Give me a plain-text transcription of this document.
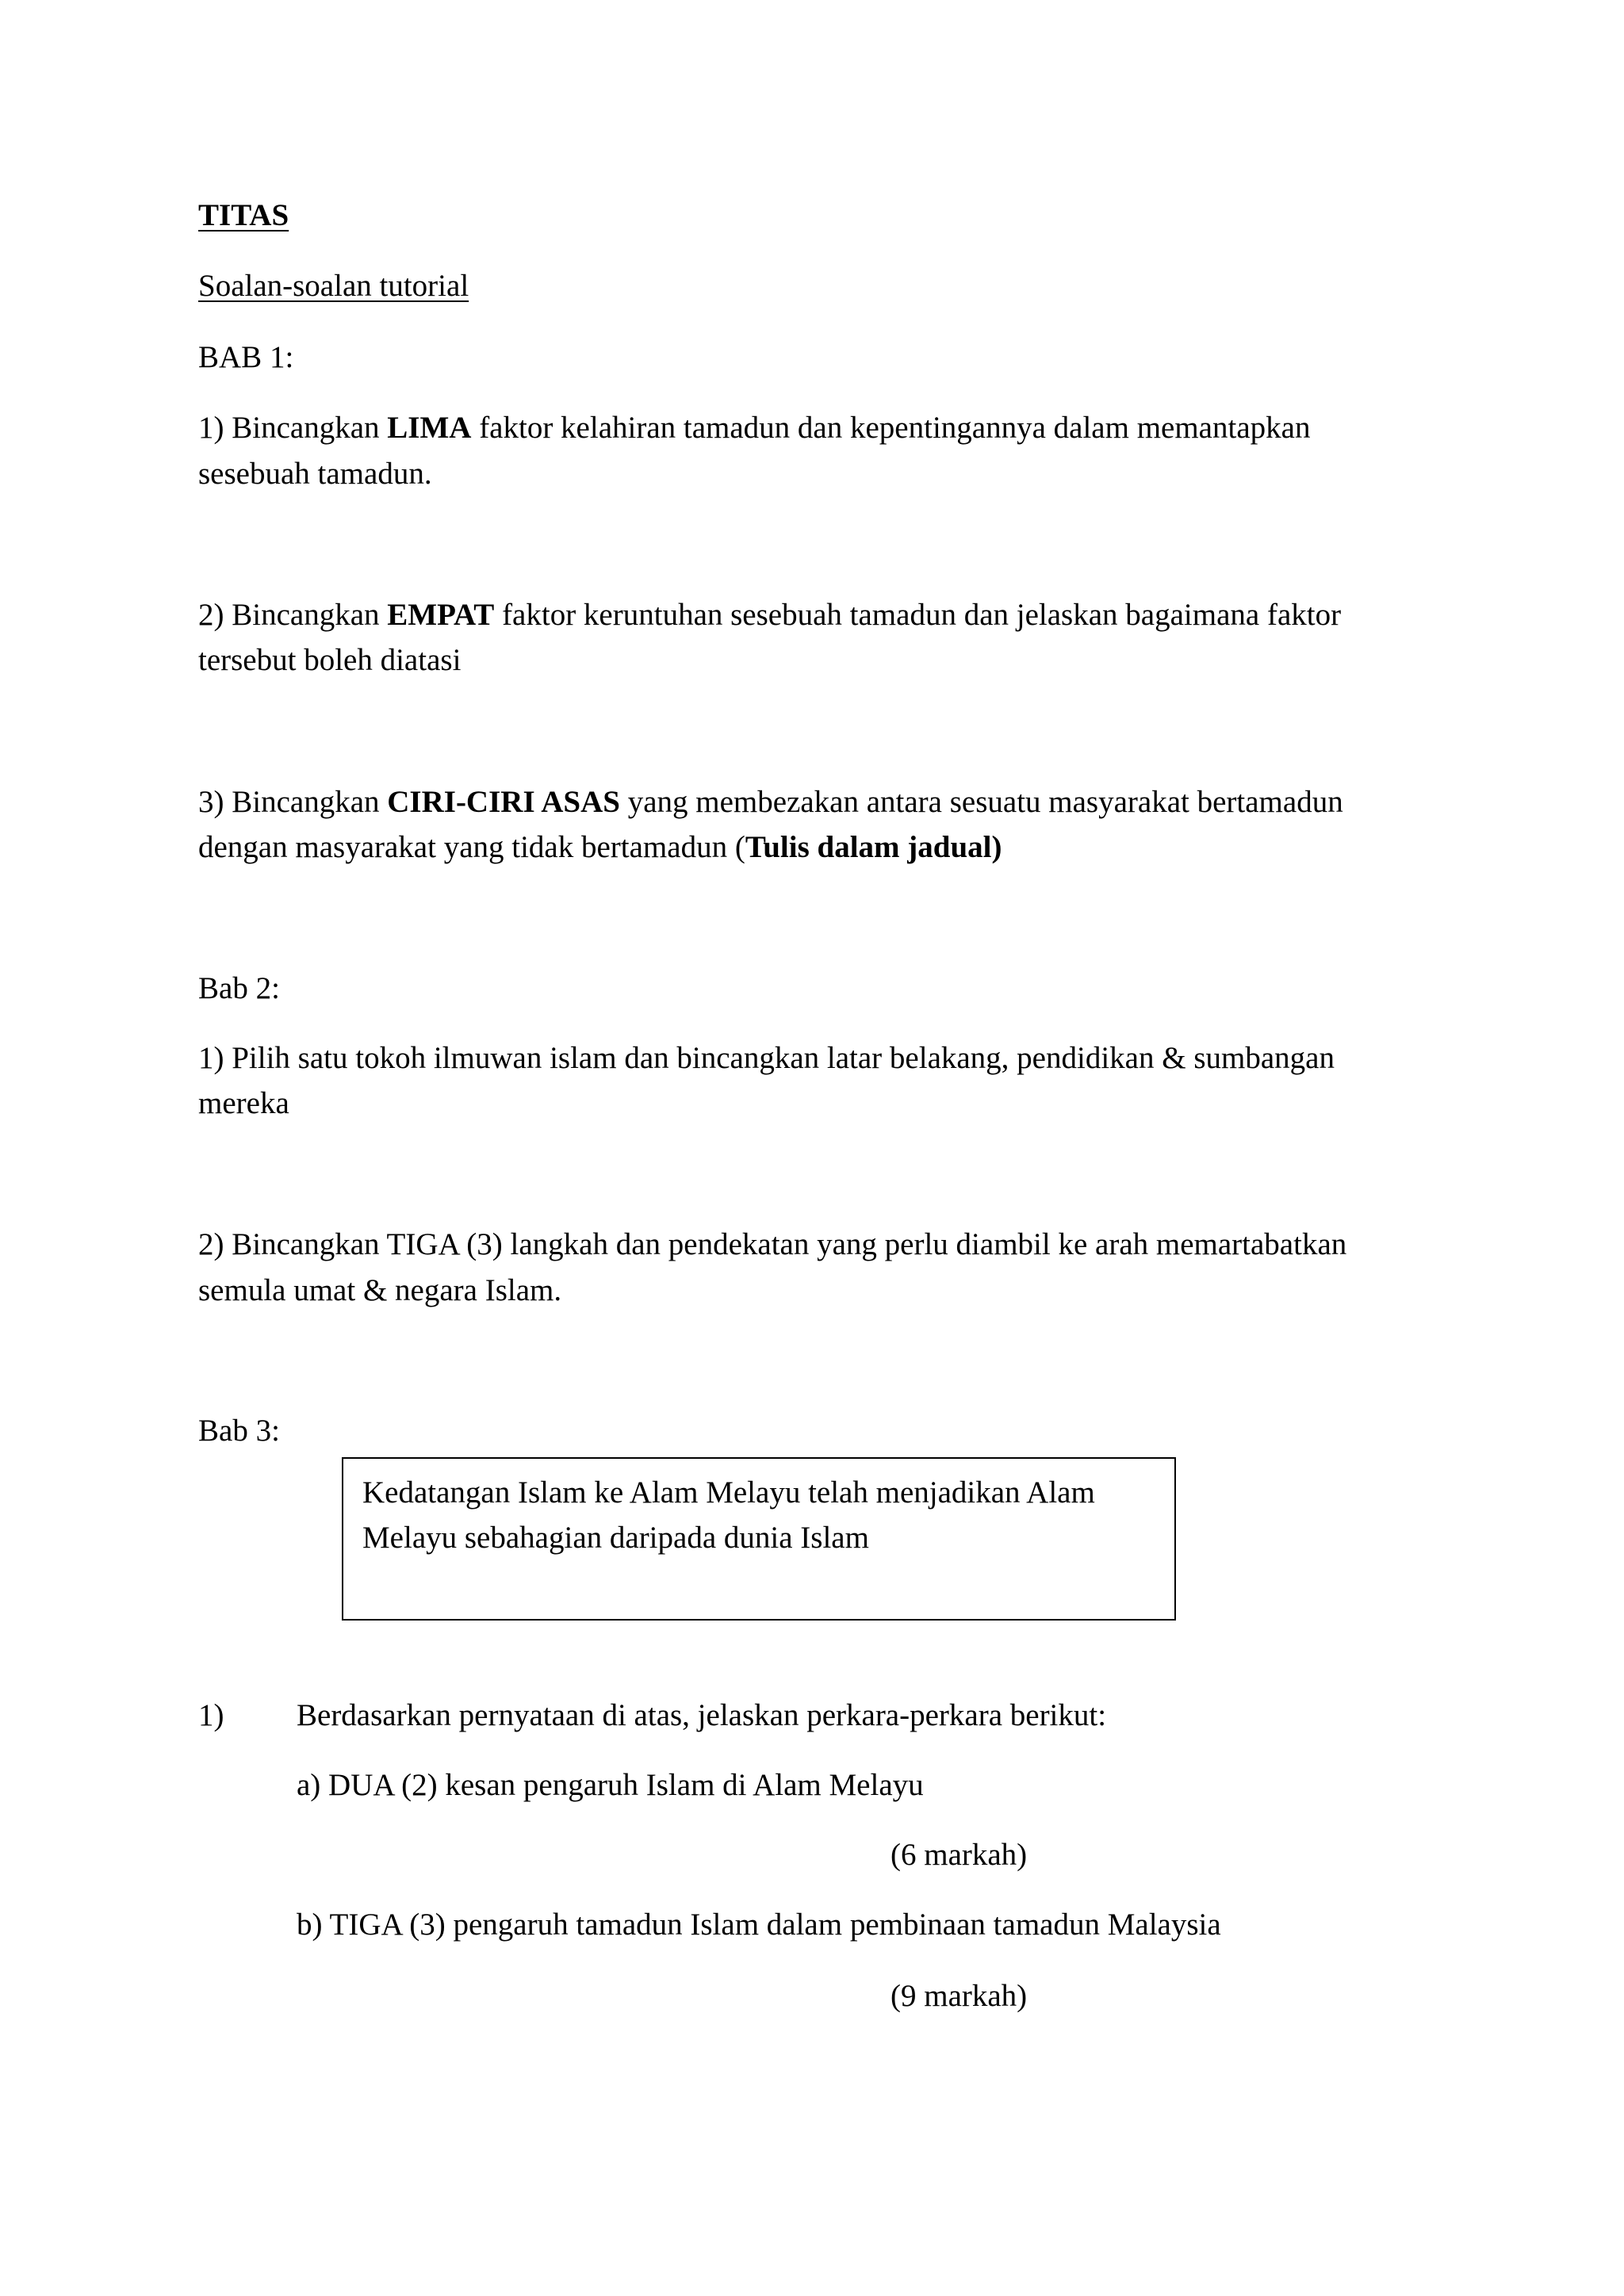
TITAS
Soalan-soalan tutorial
BAB 1:
1) Bincangkan LIMA faktor kelahiran tamadun dan kepentingannya dalam memantapkan
sesebuah tamadun.
2) Bincangkan EMPAT faktor keruntuhan sesebuah tamadun dan jelaskan bagaimana faktor
tersebut boleh diatasi
3) Bincangkan CIRI-CIRI ASAS yang membezakan antara sesuatu masyarakat bertamadun
dengan masyarakat yang tidak bertamadun (Tulis dalam jadual)
Bab 2:
1) Pilih satu tokoh ilmuwan islam dan bincangkan latar belakang, pendidikan & sumbangan
mereka
2) Bincangkan TIGA (3) langkah dan pendekatan yang perlu diambil ke arah memartabatkan
semula umat & negara Islam.
Bab 3:
Kedatangan Islam ke Alam Melayu telah menjadikan Alam
Melayu sebahagian daripada dunia Islam
1) Berdasarkan pernyataan di atas, jelaskan perkara-perkara berikut:
a) DUA (2) kesan pengaruh Islam di Alam Melayu
(6 markah)
b) TIGA (3) pengaruh tamadun Islam dalam pembinaan tamadun Malaysia
(9 markah)
